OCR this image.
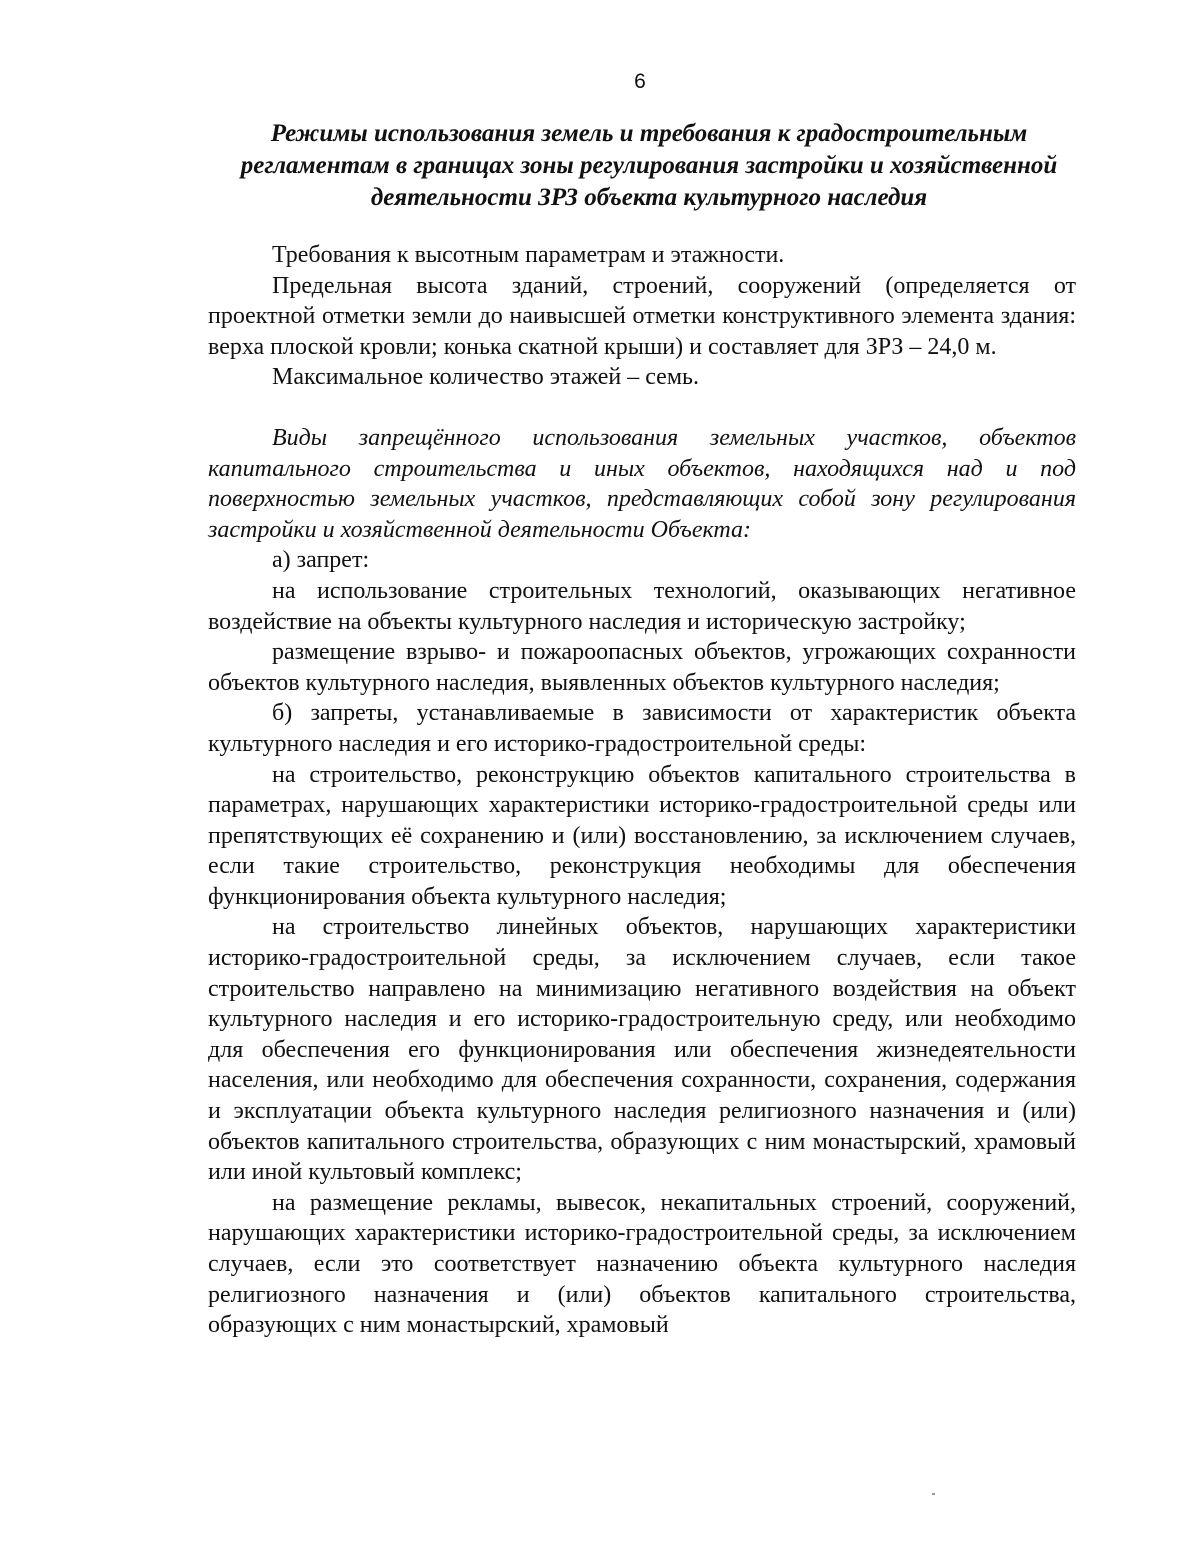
6
Режимы использования земель и требования к градостроительным регламентам в границах зоны регулирования застройки и хозяйственной деятельности ЗРЗ объекта культурного наследия

Требования к высотным параметрам и этажности.

Предельная высота зданий, строений, сооружений (определяется от проектной отметки земли до наивысшей отметки конструктивного элемента здания: верха плоской кровли; конька скатной крыши) и составляет для ЗРЗ – 24,0 м.

Максимальное количество этажей – семь.

Виды запрещённого использования земельных участков, объектов капитального строительства и иных объектов, находящихся над и под поверхностью земельных участков, представляющих собой зону регулирования застройки и хозяйственной деятельности Объекта:

а) запрет:

на использование строительных технологий, оказывающих негативное воздействие на объекты культурного наследия и историческую застройку;

размещение взрыво- и пожароопасных объектов, угрожающих сохранности объектов культурного наследия, выявленных объектов культурного наследия;

б) запреты, устанавливаемые в зависимости от характеристик объекта культурного наследия и его историко-градостроительной среды:

на строительство, реконструкцию объектов капитального строительства в параметрах, нарушающих характеристики историко-градостроительной среды или препятствующих её сохранению и (или) восстановлению, за исключением случаев, если такие строительство, реконструкция необходимы для обеспечения функционирования объекта культурного наследия;

на строительство линейных объектов, нарушающих характеристики историко-градостроительной среды, за исключением случаев, если такое строительство направлено на минимизацию негативного воздействия на объект культурного наследия и его историко-градостроительную среду, или необходимо для обеспечения его функционирования или обеспечения жизнедеятельности населения, или необходимо для обеспечения сохранности, сохранения, содержания и эксплуатации объекта культурного наследия религиозного назначения и (или) объектов капитального строительства, образующих с ним монастырский, храмовый или иной культовый комплекс;

на размещение рекламы, вывесок, некапитальных строений, сооружений, нарушающих характеристики историко-градостроительной среды, за исключением случаев, если это соответствует назначению объекта культурного наследия религиозного назначения и (или) объектов капитального строительства, образующих с ним монастырский, храмовый
